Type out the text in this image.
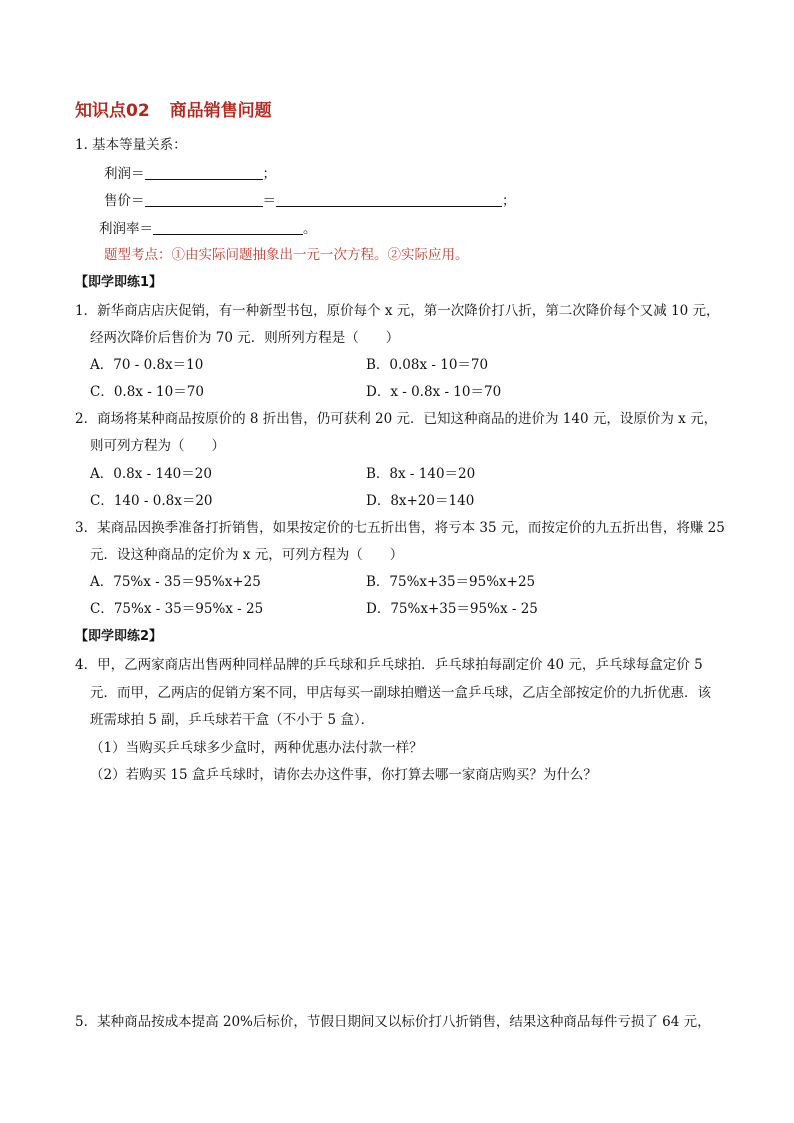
知识点02 商品销售问题
1. 基本等量关系：
利润＝	；
售价＝	＝	；
利润率＝	。
题型考点：①由实际问题抽象出一元一次方程。②实际应用。
【即学即练1】
1．新华商店店庆促销，有一种新型书包，原价每个 x 元，第一次降价打八折，第二次降价每个又减 10 元，
经两次降价后售价为 70 元．则所列方程是（　　）
A．70 - 0.8x＝10	B．0.08x - 10＝70
C．0.8x - 10＝70	D．x - 0.8x - 10＝70
2．商场将某种商品按原价的 8 折出售，仍可获利 20 元．已知这种商品的进价为 140 元，设原价为 x 元，
则可列方程为（　　）
A．0.8x - 140＝20	B．8x - 140＝20
C．140 - 0.8x＝20	D．8x+20＝140
3．某商品因换季准备打折销售，如果按定价的七五折出售，将亏本 35 元，而按定价的九五折出售，将赚 25
元．设这种商品的定价为 x 元，可列方程为（　　）
A．75%x - 35＝95%x+25	B．75%x+35＝95%x+25
C．75%x - 35＝95%x - 25	D．75%x+35＝95%x - 25
【即学即练2】
4．甲，乙两家商店出售两种同样品牌的乒乓球和乒乓球拍．乒乓球拍每副定价 40 元，乒乓球每盒定价 5
元．而甲，乙两店的促销方案不同，甲店每买一副球拍赠送一盒乒乓球，乙店全部按定价的九折优惠．该
班需球拍 5 副，乒乓球若干盒（不小于 5 盒）．
（1）当购买乒乓球多少盒时，两种优惠办法付款一样？
（2）若购买 15 盒乒乓球时，请你去办这件事，你打算去哪一家商店购买？为什么？
5．某种商品按成本提高 20%后标价，节假日期间又以标价打八折销售，结果这种商品每件亏损了 64 元，
